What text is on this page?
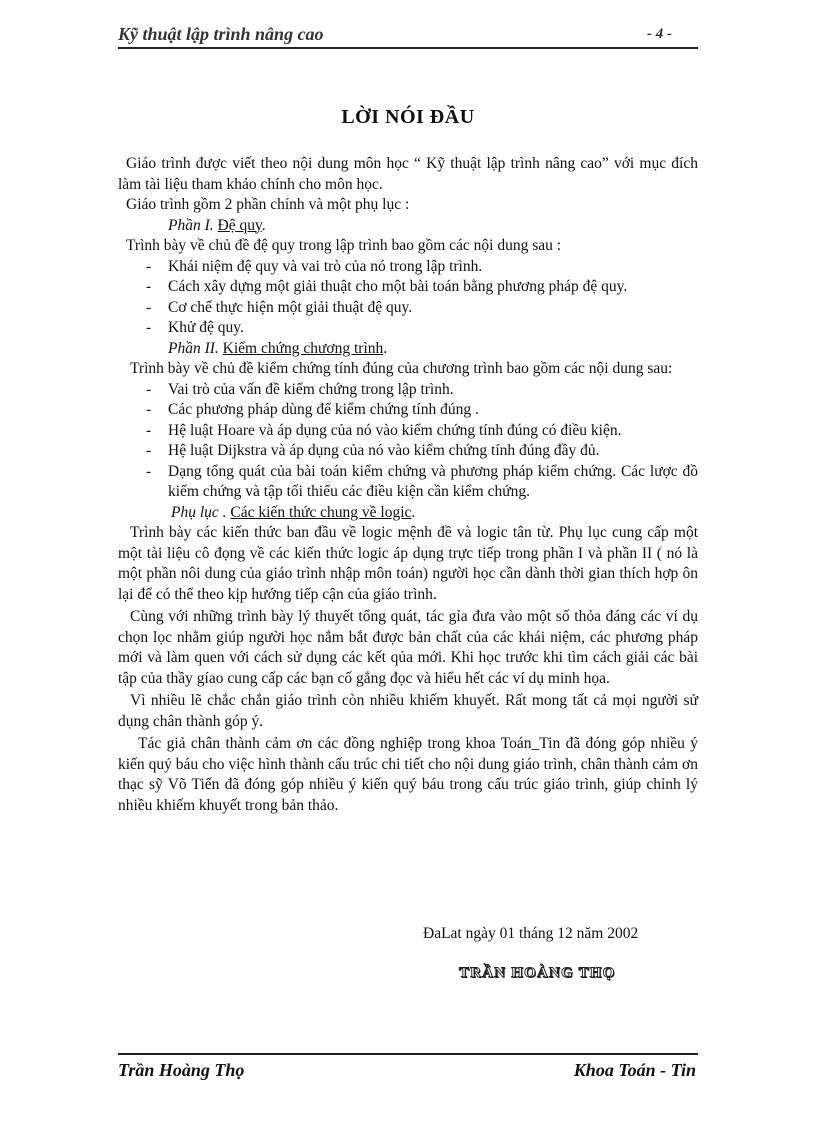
Kỹ thuật lập trình nâng cao	- 4 -
LỜI NÓI ĐẦU

Giáo trình được viết theo nội dung môn học “ Kỹ thuật lập trình nâng cao” với mục đích làm tài liệu tham khảo chính cho môn học.

Giáo trình gồm 2 phần chính và một phụ lục :

Phần I. Đệ quy.

Trình bày về chủ đề đệ quy trong lập trình bao gồm các nội dung sau :

- Khái niệm đệ quy và vai trò của nó trong lập trình.
- Cách xây dựng một giải thuật cho một bài toán bằng phương pháp đệ quy.
- Cơ chế thực hiện một giải thuật đệ quy.
- Khử đệ quy.

Phần II. Kiểm chứng chương trình.

Trình bày về chủ đề kiểm chứng tính đúng của chương trình bao gồm các nội dung sau:

- Vai trò của vấn đề kiểm chứng trong lập trình.
- Các phương pháp dùng để kiểm chứng tính đúng .
- Hệ luật Hoare và áp dụng của nó vào kiểm chứng tính đúng có điều kiện.
- Hệ luật Dijkstra và áp dụng của nó vào kiểm chứng tính đúng đầy đủ.
- Dạng tổng quát của bài toán kiểm chứng và phương pháp kiểm chứng. Các lược đồ kiểm chứng và tập tối thiểu các điều kiện cần kiểm chứng.

Phụ lục . Các kiến thức chung về logic.

Trình bày các kiến thức ban đầu về logic mệnh đề và logic tân từ. Phụ lục cung cấp một một tài liệu cô đọng về các kiến thức logic áp dụng trực tiếp trong phần I và phần II ( nó là một phần nôi dung của giáo trình nhập môn toán) người học cần dành thời gian thích hợp ôn lại để có thể theo kịp hướng tiếp cận của giáo trình.

Cùng với những trình bày lý thuyết tổng quát, tác gỉa đưa vào một số thỏa đáng các ví dụ chọn lọc nhằm giúp người học nắm bắt được bản chất của các khái niệm, các phương pháp mới và làm quen với cách sử dụng các kết qủa mới. Khi học trước khi tìm cách giải các bài tập của thầy gíao cung cấp các bạn cố gắng đọc và hiểu hết các ví dụ minh họa.

Vì nhiều lẽ chắc chắn giáo trình còn nhiều khiếm khuyết. Rất mong tất cả mọi người sử dụng chân thành góp ý.

Tác giả chân thành cảm ơn các đồng nghiệp trong khoa Toán_Tin đã đóng góp nhiều ý kiến quý báu cho việc hình thành cấu trúc chi tiết cho nội dung giáo trình, chân thành cảm ơn thạc sỹ Võ Tiến đã đóng góp nhiều ý kiến quý báu trong cấu trúc giáo trình, giúp chỉnh lý nhiều khiếm khuyết trong bản thảo.

ĐaLat ngày 01 tháng 12 năm 2002
TRẦN HOÀNG THỌ
Trần Hoàng Thọ	Khoa Toán - Tin
